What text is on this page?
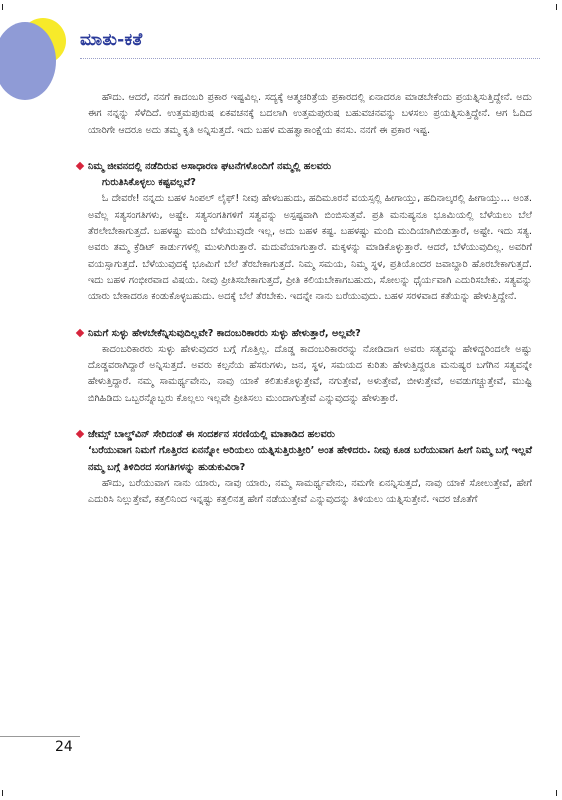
ಮಾತು-ಕತೆ

ಹೌದು. ಆದರೆ, ನನಗೆ ಕಾದಂಬರಿ ಪ್ರಕಾರ ಇಷ್ಟವಿಲ್ಲ. ಸದ್ಯಕ್ಕೆ ಆತ್ಮಚರಿತ್ರೆಯ ಪ್ರಕಾರದಲ್ಲಿ ಏನಾದರೂ ಮಾಡಬೇಕೆಂದು ಪ್ರಯತ್ನಿಸುತ್ತಿದ್ದೇನೆ. ಅದು ಈಗ ನನ್ನನ್ನು ಸೆಳೆದಿದೆ. ಉತ್ತಮಪುರುಷ ಏಕವಚನಕ್ಕೆ ಬದಲಾಗಿ ಉತ್ತಮಪುರುಷ ಬಹುವಚನವನ್ನು ಬಳಸಲು ಪ್ರಯತ್ನಿಸುತ್ತಿದ್ದೇನೆ. ಆಗ ಓದಿದ ಯಾರಿಗೇ ಆದರೂ ಅದು ತಮ್ಮ ಕೃತಿ ಅನ್ನಿಸುತ್ತದೆ. ಇದು ಬಹಳ ಮಹತ್ವಾಕಾಂಕ್ಷೆಯ ಕನಸು. ನನಗೆ ಈ ಪ್ರಕಾರ ಇಷ್ಟ.

ನಿಮ್ಮ ಜೀವನದಲ್ಲಿ ನಡೆದಿರುವ ಅಸಾಧಾರಣ ಘಟನೆಗಳೊಂದಿಗೆ ನಮ್ಮಲ್ಲಿ ಹಲವರು
ಗುರುತಿಸಿಕೊಳ್ಳಲು ಕಷ್ಟವಲ್ಲವೆ?

ಓ ದೇವರೇ! ನನ್ನದು ಬಹಳ ಸಿಂಪಲ್ ಲೈಫ್! ನೀವು ಹೇಳಬಹುದು, ಹದಿಮೂರನೆ ವಯಸ್ಸಲ್ಲಿ ಹೀಗಾಯ್ತು, ಹದಿನಾಲ್ಕರಲ್ಲಿ ಹೀಗಾಯ್ತು... ಅಂತ. ಅವೆಲ್ಲ ಸತ್ಯಸಂಗತಿಗಳು, ಅಷ್ಟೇ. ಸತ್ಯಸಂಗತಿಗಳಿಗೆ ಸತ್ವವನ್ನು ಅಸ್ಪಷ್ಟವಾಗಿ ಬಿಂಬಿಸುತ್ತವೆ. ಪ್ರತಿ ಮನುಷ್ಯನೂ ಭೂಮಿಯಲ್ಲಿ ಬೆಳೆಯಲು ಬೆಲೆ ತೆರಲೇಬೇಕಾಗುತ್ತದೆ. ಬಹಳಷ್ಟು ಮಂದಿ ಬೆಳೆಯುವುದೇ ಇಲ್ಲ, ಅದು ಬಹಳ ಕಷ್ಟ. ಬಹಳಷ್ಟು ಮಂದಿ ಮುದಿಯಾಗಿಬಿಡುತ್ತಾರೆ, ಅಷ್ಟೇ. ಇದು ಸತ್ಯ. ಅವರು ತಮ್ಮ ಕ್ರೆಡಿಟ್ ಕಾರ್ಡುಗಳಲ್ಲಿ ಮುಳುಗಿರುತ್ತಾರೆ. ಮದುವೆಯಾಗುತ್ತಾರೆ. ಮಕ್ಕಳನ್ನು ಮಾಡಿಕೊಳ್ಳುತ್ತಾರೆ. ಆದರೆ, ಬೆಳೆಯುವುದಿಲ್ಲ. ಅವರಿಗೆ ವಯಸ್ಸಾಗುತ್ತದೆ. ಬೆಳೆಯುವುದಕ್ಕೆ ಭೂಮಿಗೆ ಬೆಲೆ ತೆರಬೇಕಾಗುತ್ತದೆ. ನಿಮ್ಮ ಸಮಯ, ನಿಮ್ಮ ಸ್ಥಳ, ಪ್ರತಿಯೊಂದರ ಜವಾಬ್ದಾರಿ ಹೊರಬೇಕಾಗುತ್ತದೆ. ಇದು ಬಹಳ ಗಂಭೀರವಾದ ವಿಷಯ. ನೀವು ಪ್ರೀತಿಸಬೇಕಾಗುತ್ತದೆ, ಪ್ರೀತಿ ಕಲಿಯಬೇಕಾಗಬಹುದು, ಸೋಲನ್ನು ಧೈರ್ಯವಾಗಿ ಎದುರಿಸಬೇಕು. ಸತ್ಯವನ್ನು ಯಾರು ಬೇಕಾದರೂ ಕಂಡುಕೊಳ್ಳಬಹುದು. ಅದಕ್ಕೆ ಬೆಲೆ ತೆರಬೇಕು. ಇದನ್ನೇ ನಾನು ಬರೆಯುವುದು. ಬಹಳ ಸರಳವಾದ ಕತೆಯನ್ನು ಹೇಳುತ್ತಿದ್ದೇನೆ.

ನಿಮಗೆ ಸುಳ್ಳು ಹೇಳಬೇಕೆನ್ನಿಸುವುದಿಲ್ಲವೇ? ಕಾದಂಬರಿಕಾರರು ಸುಳ್ಳು ಹೇಳುತ್ತಾರೆ, ಅಲ್ಲವೇ?

ಕಾದಂಬರಿಕಾರರು ಸುಳ್ಳು ಹೇಳುವುದರ ಬಗ್ಗೆ ಗೊತ್ತಿಲ್ಲ. ದೊಡ್ಡ ಕಾದಂಬರಿಕಾರರನ್ನು ನೋಡಿದಾಗ ಅವರು ಸತ್ಯವನ್ನು ಹೇಳಿದ್ದರಿಂದಲೇ ಅಷ್ಟು ದೊಡ್ಡವರಾಗಿದ್ದಾರೆ ಅನ್ನಿಸುತ್ತದೆ. ಅವರು ಕಲ್ಪನೆಯ ಹೆಸರುಗಳು, ಜನ, ಸ್ಥಳ, ಸಮಯದ ಕುರಿತು ಹೇಳುತ್ತಿದ್ದರೂ ಮನುಷ್ಯರ ಬಗೆಗಿನ ಸತ್ಯವನ್ನೇ ಹೇಳುತ್ತಿದ್ದಾರೆ. ನಮ್ಮ ಸಾಮರ್ಥ್ಯವೇನು, ನಾವು ಯಾಕೆ ಕಲಿತುಕೊಳ್ಳುತ್ತೇವೆ, ನಗುತ್ತೇವೆ, ಅಳುತ್ತೇವೆ, ಬೀಳುತ್ತೇವೆ, ಅವಡುಗಚ್ಚುತ್ತೇವೆ, ಮುಷ್ಟಿ ಬಿಗಿಹಿಡಿದು ಒಬ್ಬರನ್ನೊಬ್ಬರು ಕೊಲ್ಲಲು ಇಲ್ಲವೇ ಪ್ರೀತಿಸಲು ಮುಂದಾಗುತ್ತೇವೆ ಎನ್ನುವುದನ್ನು ಹೇಳುತ್ತಾರೆ.

ಜೇಮ್ಸ್ ಬಾಲ್ಡ್‌ವಿನ್ ಸೇರಿದಂತೆ ಈ ಸಂದರ್ಶನ ಸರಣಿಯಲ್ಲಿ ಮಾತಾಡಿದ ಹಲವರು
‘ಬರೆಯುವಾಗ ನಿಮಗೆ ಗೊತ್ತಿರದ ಏನನ್ನೋ ಅರಿಯಲು ಯತ್ನಿಸುತ್ತಿರುತ್ತೀರಿ’ ಅಂತ ಹೇಳಿದರು. ನೀವು ಕೂಡ ಬರೆಯುವಾಗ ಹೀಗೆ ನಿಮ್ಮ ಬಗ್ಗೆ ಇಲ್ಲವೆ ನಮ್ಮ ಬಗ್ಗೆ ತಿಳಿದಿರದ ಸಂಗತಿಗಳನ್ನು ಹುಡುಕುವಿರಾ?

ಹೌದು, ಬರೆಯುವಾಗ ನಾನು ಯಾರು, ನಾವು ಯಾರು, ನಮ್ಮ ಸಾಮರ್ಥ್ಯವೇನು, ನಮಗೇ ಏನನ್ನಿಸುತ್ತದೆ, ನಾವು ಯಾಕೆ ಸೋಲುತ್ತೇವೆ, ಹೇಗೆ ಎದುರಿಸಿ ನಿಲ್ಲುತ್ತೇವೆ, ಕತ್ತಲಿನಿಂದ ಇನ್ನಷ್ಟು ಕತ್ತಲಿನತ್ತ ಹೇಗೆ ನಡೆಯುತ್ತೇವೆ ಎನ್ನುವುದನ್ನು ತಿಳಿಯಲು ಯತ್ನಿಸುತ್ತೇನೆ. ಇದರ ಜೊತೆಗೆ

24
